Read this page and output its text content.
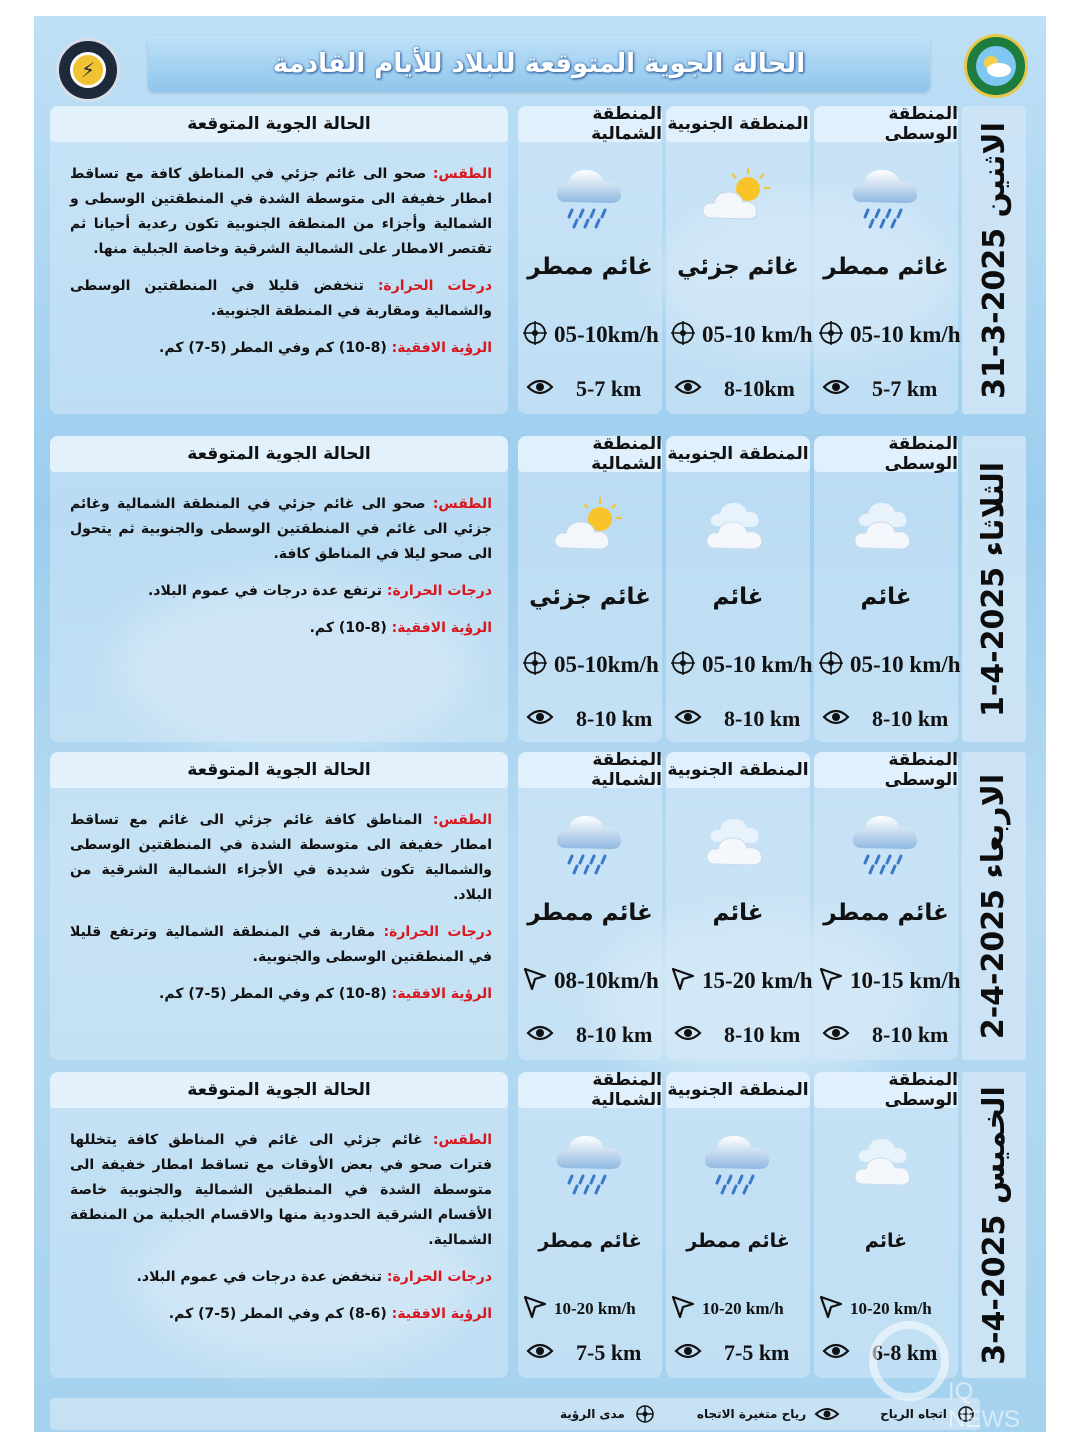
⚡	الحالة الجوية المتوقعة للبلاد للأيام القادمة
الاثنين 2025-3-31
المنطقة الوسطى
غائم ممطر
05-10 km/h
5-7 km
المنطقة الجنوبية
غائم جزئي
05-10 km/h
8-10km
المنطقة الشمالية
غائم ممطر
05-10km/h
5-7 km
الحالة الجوية المتوقعة

الطقس: صحو الى غائم جزئي في المناطق كافة مع تساقط امطار خفيفة الى متوسطة الشدة في المنطقتين الوسطى و الشمالية وأجزاء من المنطقة الجنوبية تكون رعدية أحيانا ثم تقتصر الامطار على الشمالية الشرقية وخاصة الجبلية منها.

درجات الحرارة: تنخفض قليلا في المنطقتين الوسطى والشمالية ومقاربة في المنطقة الجنوبية.

الرؤية الافقية: (8-10) كم وفي المطر (5-7) كم.

الثلاثاء 2025-4-1
المنطقة الوسطى
غائم
05-10 km/h
8-10 km
المنطقة الجنوبية
غائم
05-10 km/h
8-10 km
المنطقة الشمالية
غائم جزئي
05-10km/h
8-10 km
الحالة الجوية المتوقعة

الطقس: صحو الى غائم جزئي في المنطقة الشمالية وغائم جزئي الى غائم في المنطقتين الوسطى والجنوبية ثم يتحول الى صحو ليلا في المناطق كافة.

درجات الحرارة: ترتفع عدة درجات في عموم البلاد.

الرؤية الافقية: (8-10) كم.

الاربعاء 2025-4-2
المنطقة الوسطى
غائم ممطر
10-15 km/h
8-10 km
المنطقة الجنوبية
غائم
15-20 km/h
8-10 km
المنطقة الشمالية
غائم ممطر
08-10km/h
8-10 km
الحالة الجوية المتوقعة

الطقس: المناطق كافة غائم جزئي الى غائم مع تساقط امطار خفيفة الى متوسطة الشدة في المنطقتين الوسطى والشمالية تكون شديدة في الأجزاء الشمالية الشرقية من البلاد.

درجات الحرارة: مقاربة في المنطقة الشمالية وترتفع قليلا في المنطقتين الوسطى والجنوبية.

الرؤية الافقية: (8-10) كم وفي المطر (5-7) كم.

الخميس 2025-4-3
المنطقة الوسطى
غائم
10-20 km/h
6-8 km
المنطقة الجنوبية
غائم ممطر
10-20 km/h
7-5 km
المنطقة الشمالية
غائم ممطر
10-20 km/h
7-5 km
الحالة الجوية المتوقعة

الطقس: غائم جزئي الى غائم في المناطق كافة يتخللها فترات صحو في بعض الأوقات مع تساقط امطار خفيفة الى متوسطة الشدة في المنطقين الشمالية والجنوبية خاصة الأقسام الشرقية الحدودية منها والاقسام الجبلية من المنطقة الشمالية.

درجات الحرارة: تنخفض عدة درجات في عموم البلاد.

الرؤية الافقية: (6-8) كم وفي المطر (5-7) كم.

مدى الرؤية	رياح متغيرة الاتجاه	اتجاه الرياح
IQ NEWS
